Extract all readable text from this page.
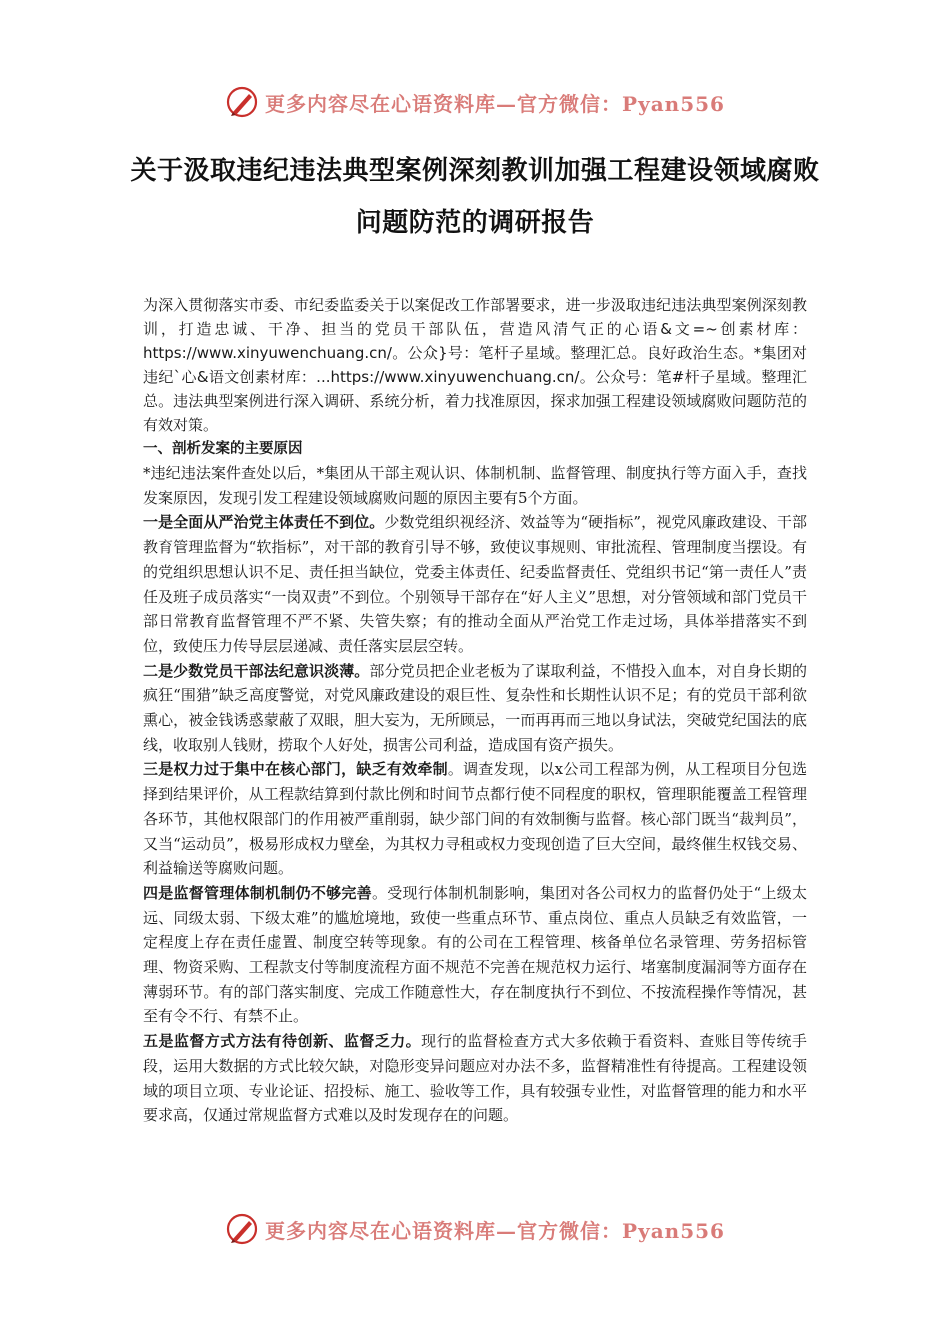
更多内容尽在心语资料库—官方微信：Pyan556
关于汲取违纪违法典型案例深刻教训加强工程建设领域腐败问题防范的调研报告

为深入贯彻落实市委、市纪委监委关于以案促改工作部署要求，进一步汲取违纪违法典型案例深刻教训，打造忠诚、干净、担当的党员干部队伍，营造风清气正的心语&文=~创素材库：https://www.xinyuwenchuang.cn/。公众}号：笔杆子星域。整理汇总。良好政治生态。*集团对违纪`心&语文创素材库：...https://www.xinyuwenchuang.cn/。公众号：笔#杆子星域。整理汇总。违法典型案例进行深入调研、系统分析，着力找准原因，探求加强工程建设领域腐败问题防范的有效对策。

一、剖析发案的主要原因

*违纪违法案件查处以后，*集团从干部主观认识、体制机制、监督管理、制度执行等方面入手，查找发案原因，发现引发工程建设领域腐败问题的原因主要有5个方面。

一是全面从严治党主体责任不到位。少数党组织视经济、效益等为“硬指标”，视党风廉政建设、干部教育管理监督为“软指标”，对干部的教育引导不够，致使议事规则、审批流程、管理制度当摆设。有的党组织思想认识不足、责任担当缺位，党委主体责任、纪委监督责任、党组织书记“第一责任人”责任及班子成员落实“一岗双责”不到位。个别领导干部存在“好人主义”思想，对分管领域和部门党员干部日常教育监督管理不严不紧、失管失察；有的推动全面从严治党工作走过场，具体举措落实不到位，致使压力传导层层递减、责任落实层层空转。

二是少数党员干部法纪意识淡薄。部分党员把企业老板为了谋取利益，不惜投入血本，对自身长期的疯狂“围猎”缺乏高度警觉，对党风廉政建设的艰巨性、复杂性和长期性认识不足；有的党员干部利欲熏心，被金钱诱惑蒙蔽了双眼，胆大妄为，无所顾忌，一而再再而三地以身试法，突破党纪国法的底线，收取别人钱财，捞取个人好处，损害公司利益，造成国有资产损失。

三是权力过于集中在核心部门，缺乏有效牵制。调查发现，以x公司工程部为例，从工程项目分包选择到结果评价，从工程款结算到付款比例和时间节点都行使不同程度的职权，管理职能覆盖工程管理各环节，其他权限部门的作用被严重削弱，缺少部门间的有效制衡与监督。核心部门既当“裁判员”，又当“运动员”，极易形成权力壁垒，为其权力寻租或权力变现创造了巨大空间，最终催生权钱交易、利益输送等腐败问题。

四是监督管理体制机制仍不够完善。受现行体制机制影响，集团对各公司权力的监督仍处于“上级太远、同级太弱、下级太难”的尴尬境地，致使一些重点环节、重点岗位、重点人员缺乏有效监管，一定程度上存在责任虚置、制度空转等现象。有的公司在工程管理、核备单位名录管理、劳务招标管理、物资采购、工程款支付等制度流程方面不规范不完善在规范权力运行、堵塞制度漏洞等方面存在薄弱环节。有的部门落实制度、完成工作随意性大，存在制度执行不到位、不按流程操作等情况，甚至有令不行、有禁不止。

五是监督方式方法有待创新、监督乏力。现行的监督检查方式大多依赖于看资料、查账目等传统手段，运用大数据的方式比较欠缺，对隐形变异问题应对办法不多，监督精准性有待提高。工程建设领域的项目立项、专业论证、招投标、施工、验收等工作，具有较强专业性，对监督管理的能力和水平要求高，仅通过常规监督方式难以及时发现存在的问题。

更多内容尽在心语资料库—官方微信：Pyan556
